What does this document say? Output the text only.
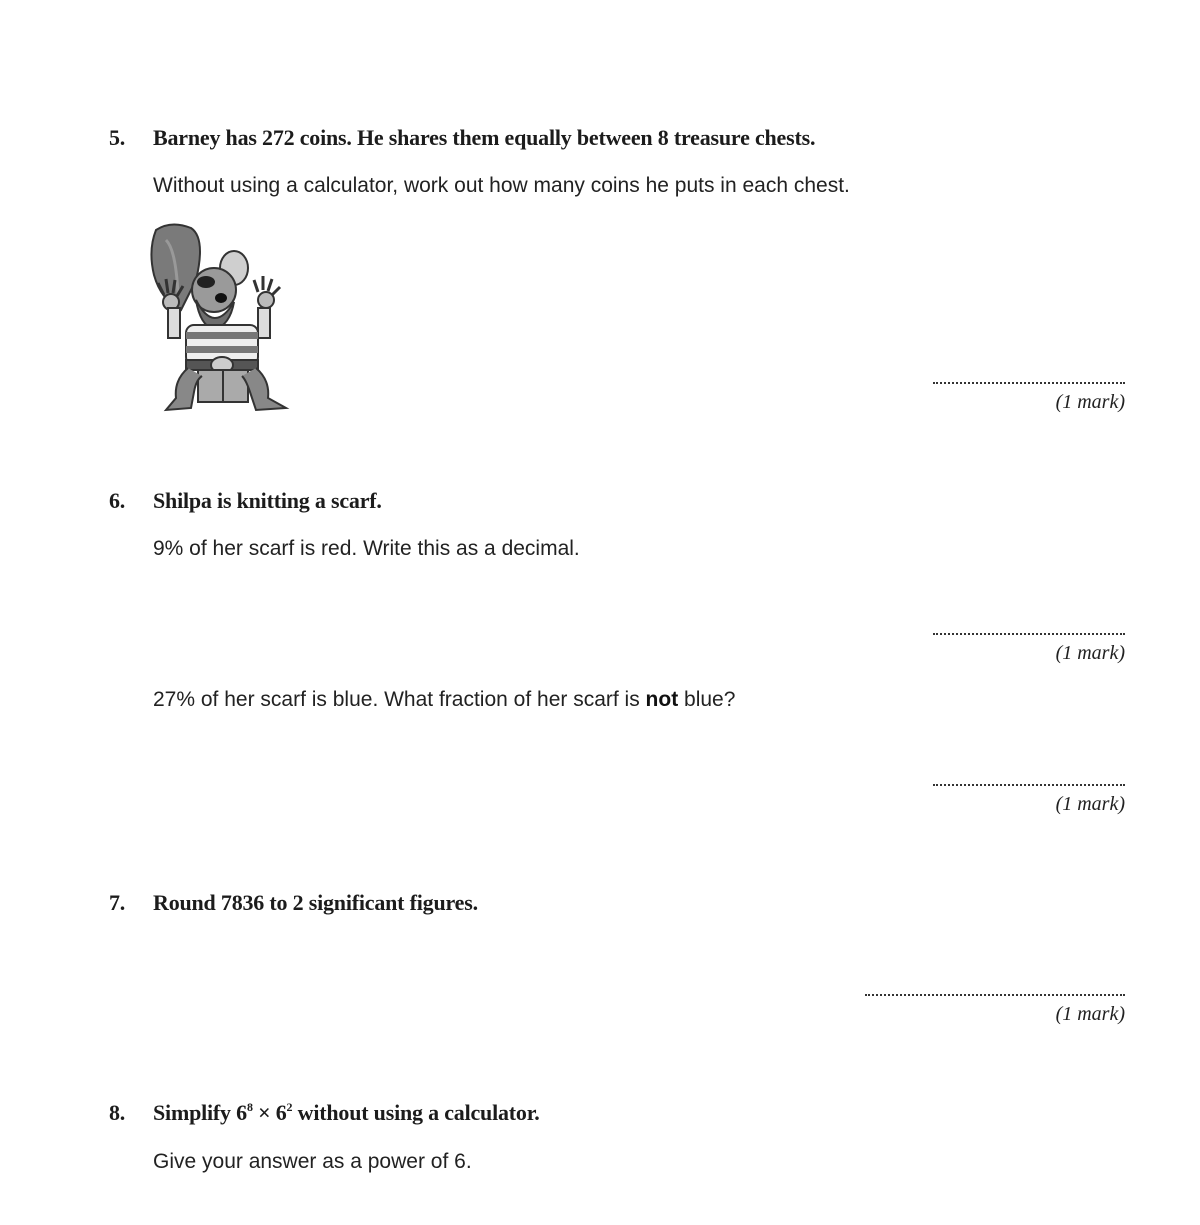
5. Barney has 272 coins. He shares them equally between 8 treasure chests.
Without using a calculator, work out how many coins he puts in each chest.
(1 mark)
6. Shilpa is knitting a scarf.
9% of her scarf is red. Write this as a decimal.
(1 mark)
27% of her scarf is blue. What fraction of her scarf is not blue?
(1 mark)
7. Round 7836 to 2 significant figures.
(1 mark)
8. Simplify $6^8 \times 6^2$ without using a calculator.
Give your answer as a power of 6.
